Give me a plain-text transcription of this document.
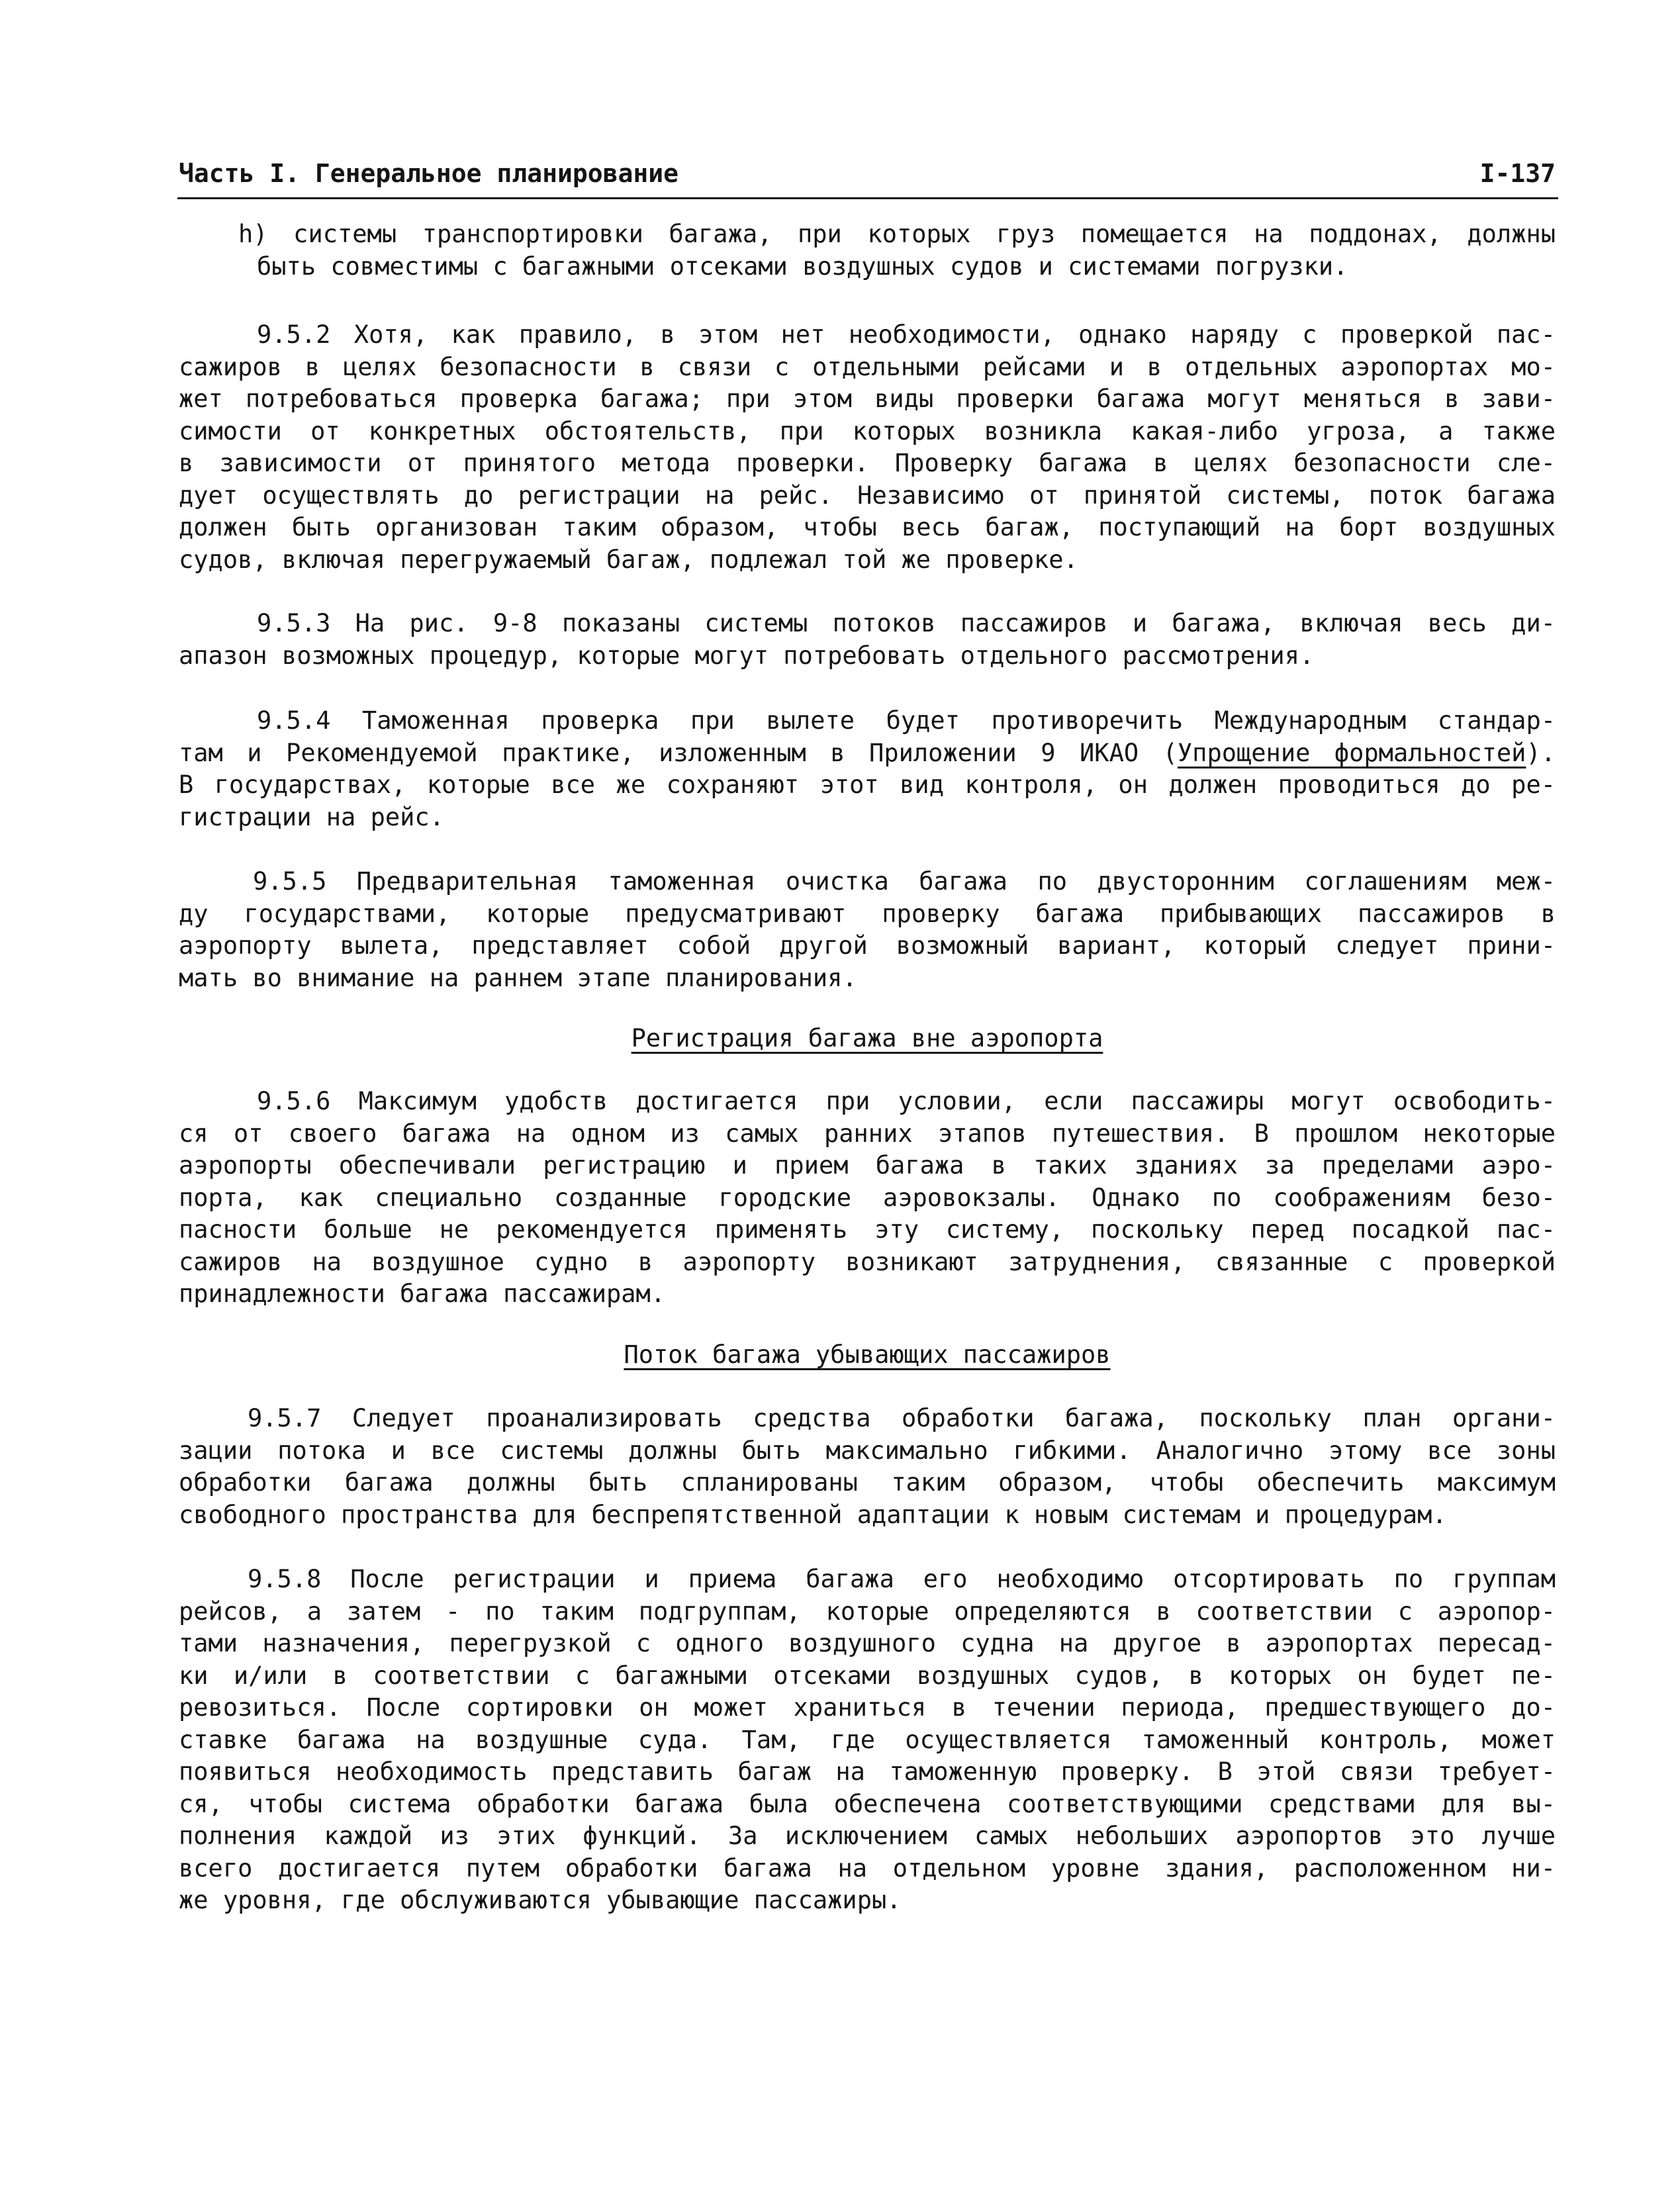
Часть I. Генеральное планирование	I-137
h) системы транспортировки багажа, при которых груз помещается на поддонах, должны
быть совместимы с багажными отсеками воздушных судов и системами погрузки.
9.5.2 Хотя, как правило, в этом нет необходимости, однако наряду с проверкой пас-
сажиров в целях безопасности в связи с отдельными рейсами и в отдельных аэропортах мо-
жет потребоваться проверка багажа; при этом виды проверки багажа могут меняться в зави-
симости от конкретных обстоятельств, при которых возникла какая-либо угроза, а также
в зависимости от принятого метода проверки. Проверку багажа в целях безопасности сле-
дует осуществлять до регистрации на рейс. Независимо от принятой системы, поток багажа
должен быть организован таким образом, чтобы весь багаж, поступающий на борт воздушных
судов, включая перегружаемый багаж, подлежал той же проверке.
9.5.3 На рис. 9-8 показаны системы потоков пассажиров и багажа, включая весь ди-
апазон возможных процедур, которые могут потребовать отдельного рассмотрения.
9.5.4 Таможенная проверка при вылете будет противоречить Международным стандар-
там и Рекомендуемой практике, изложенным в Приложении 9 ИКАО (Упрощение формальностей).
В государствах, которые все же сохраняют этот вид контроля, он должен проводиться до ре-
гистрации на рейс.
9.5.5 Предварительная таможенная очистка багажа по двусторонним соглашениям меж-
ду государствами, которые предусматривают проверку багажа прибывающих пассажиров в
аэропорту вылета, представляет собой другой возможный вариант, который следует прини-
мать во внимание на раннем этапе планирования.
Регистрация багажа вне аэропорта
9.5.6 Максимум удобств достигается при условии, если пассажиры могут освободить-
ся от своего багажа на одном из самых ранних этапов путешествия. В прошлом некоторые
аэропорты обеспечивали регистрацию и прием багажа в таких зданиях за пределами аэро-
порта, как специально созданные городские аэровокзалы. Однако по соображениям безо-
пасности больше не рекомендуется применять эту систему, поскольку перед посадкой пас-
сажиров на воздушное судно в аэропорту возникают затруднения, связанные с проверкой
принадлежности багажа пассажирам.
Поток багажа убывающих пассажиров
9.5.7 Следует проанализировать средства обработки багажа, поскольку план органи-
зации потока и все системы должны быть максимально гибкими. Аналогично этому все зоны
обработки багажа должны быть спланированы таким образом, чтобы обеспечить максимум
свободного пространства для беспрепятственной адаптации к новым системам и процедурам.
9.5.8 После регистрации и приема багажа его необходимо отсортировать по группам
рейсов, а затем - по таким подгруппам, которые определяются в соответствии с аэропор-
тами назначения, перегрузкой с одного воздушного судна на другое в аэропортах пересад-
ки и/или в соответствии с багажными отсеками воздушных судов, в которых он будет пе-
ревозиться. После сортировки он может храниться в течении периода, предшествующего до-
ставке багажа на воздушные суда. Там, где осуществляется таможенный контроль, может
появиться необходимость представить багаж на таможенную проверку. В этой связи требует-
ся, чтобы система обработки багажа была обеспечена соответствующими средствами для вы-
полнения каждой из этих функций. За исключением самых небольших аэропортов это лучше
всего достигается путем обработки багажа на отдельном уровне здания, расположенном ни-
же уровня, где обслуживаются убывающие пассажиры.
